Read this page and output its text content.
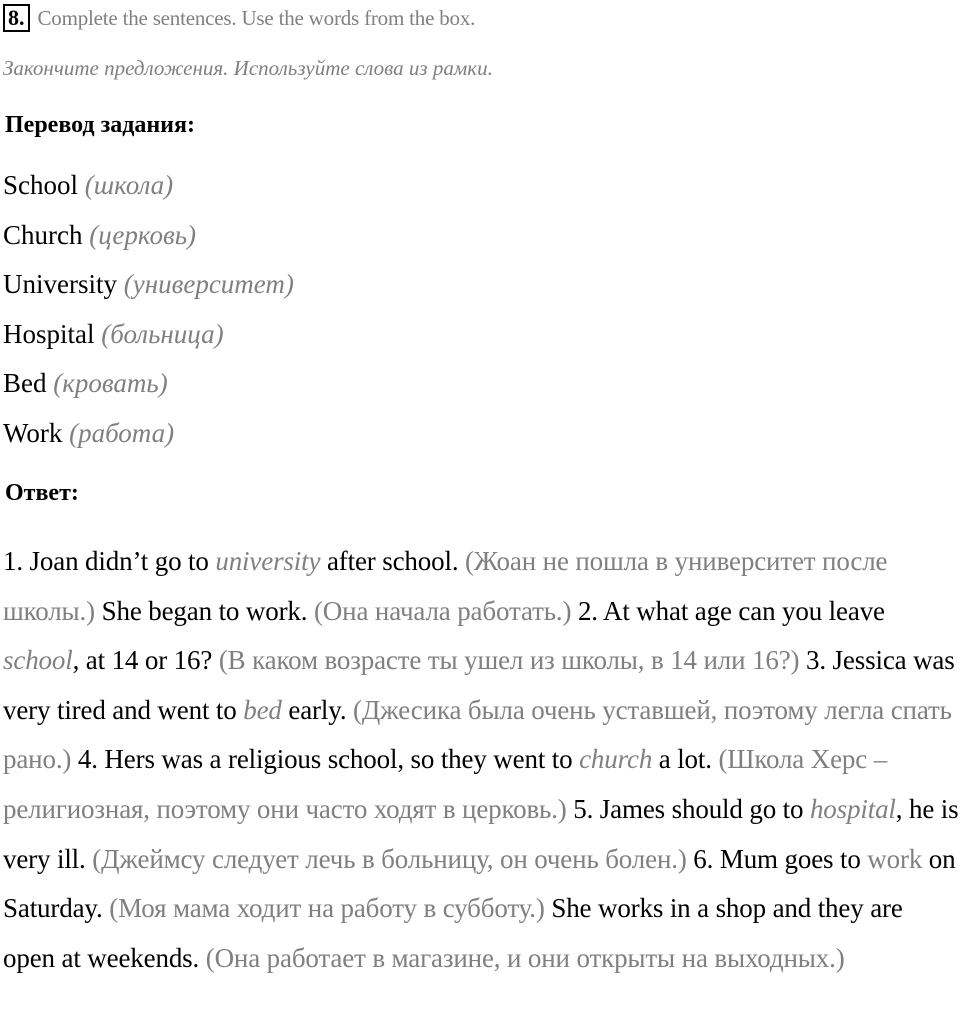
8. Complete the sentences. Use the words from the box.
Закончите предложения. Используйте слова из рамки.
Перевод задания:
School (школа)
Church (церковь)
University (университет)
Hospital (больница)
Bed (кровать)
Work (работа)
Ответ:
1. Joan didn’t go to university after school. (Жоан не пошла в университет после школы.) She began to work. (Она начала работать.) 2. At what age can you leave school, at 14 or 16? (В каком возрасте ты ушел из школы, в 14 или 16?) 3. Jessica was very tired and went to bed early. (Джесика была очень уставшей, поэтому легла спать рано.) 4. Hers was a religious school, so they went to church a lot. (Школа Херс – религиозная, поэтому они часто ходят в церковь.) 5. James should go to hospital, he is very ill. (Джеймсу следует лечь в больницу, он очень болен.) 6. Mum goes to work on Saturday. (Моя мама ходит на работу в субботу.) She works in a shop and they are open at weekends. (Она работает в магазине, и они открыты на выходных.)
